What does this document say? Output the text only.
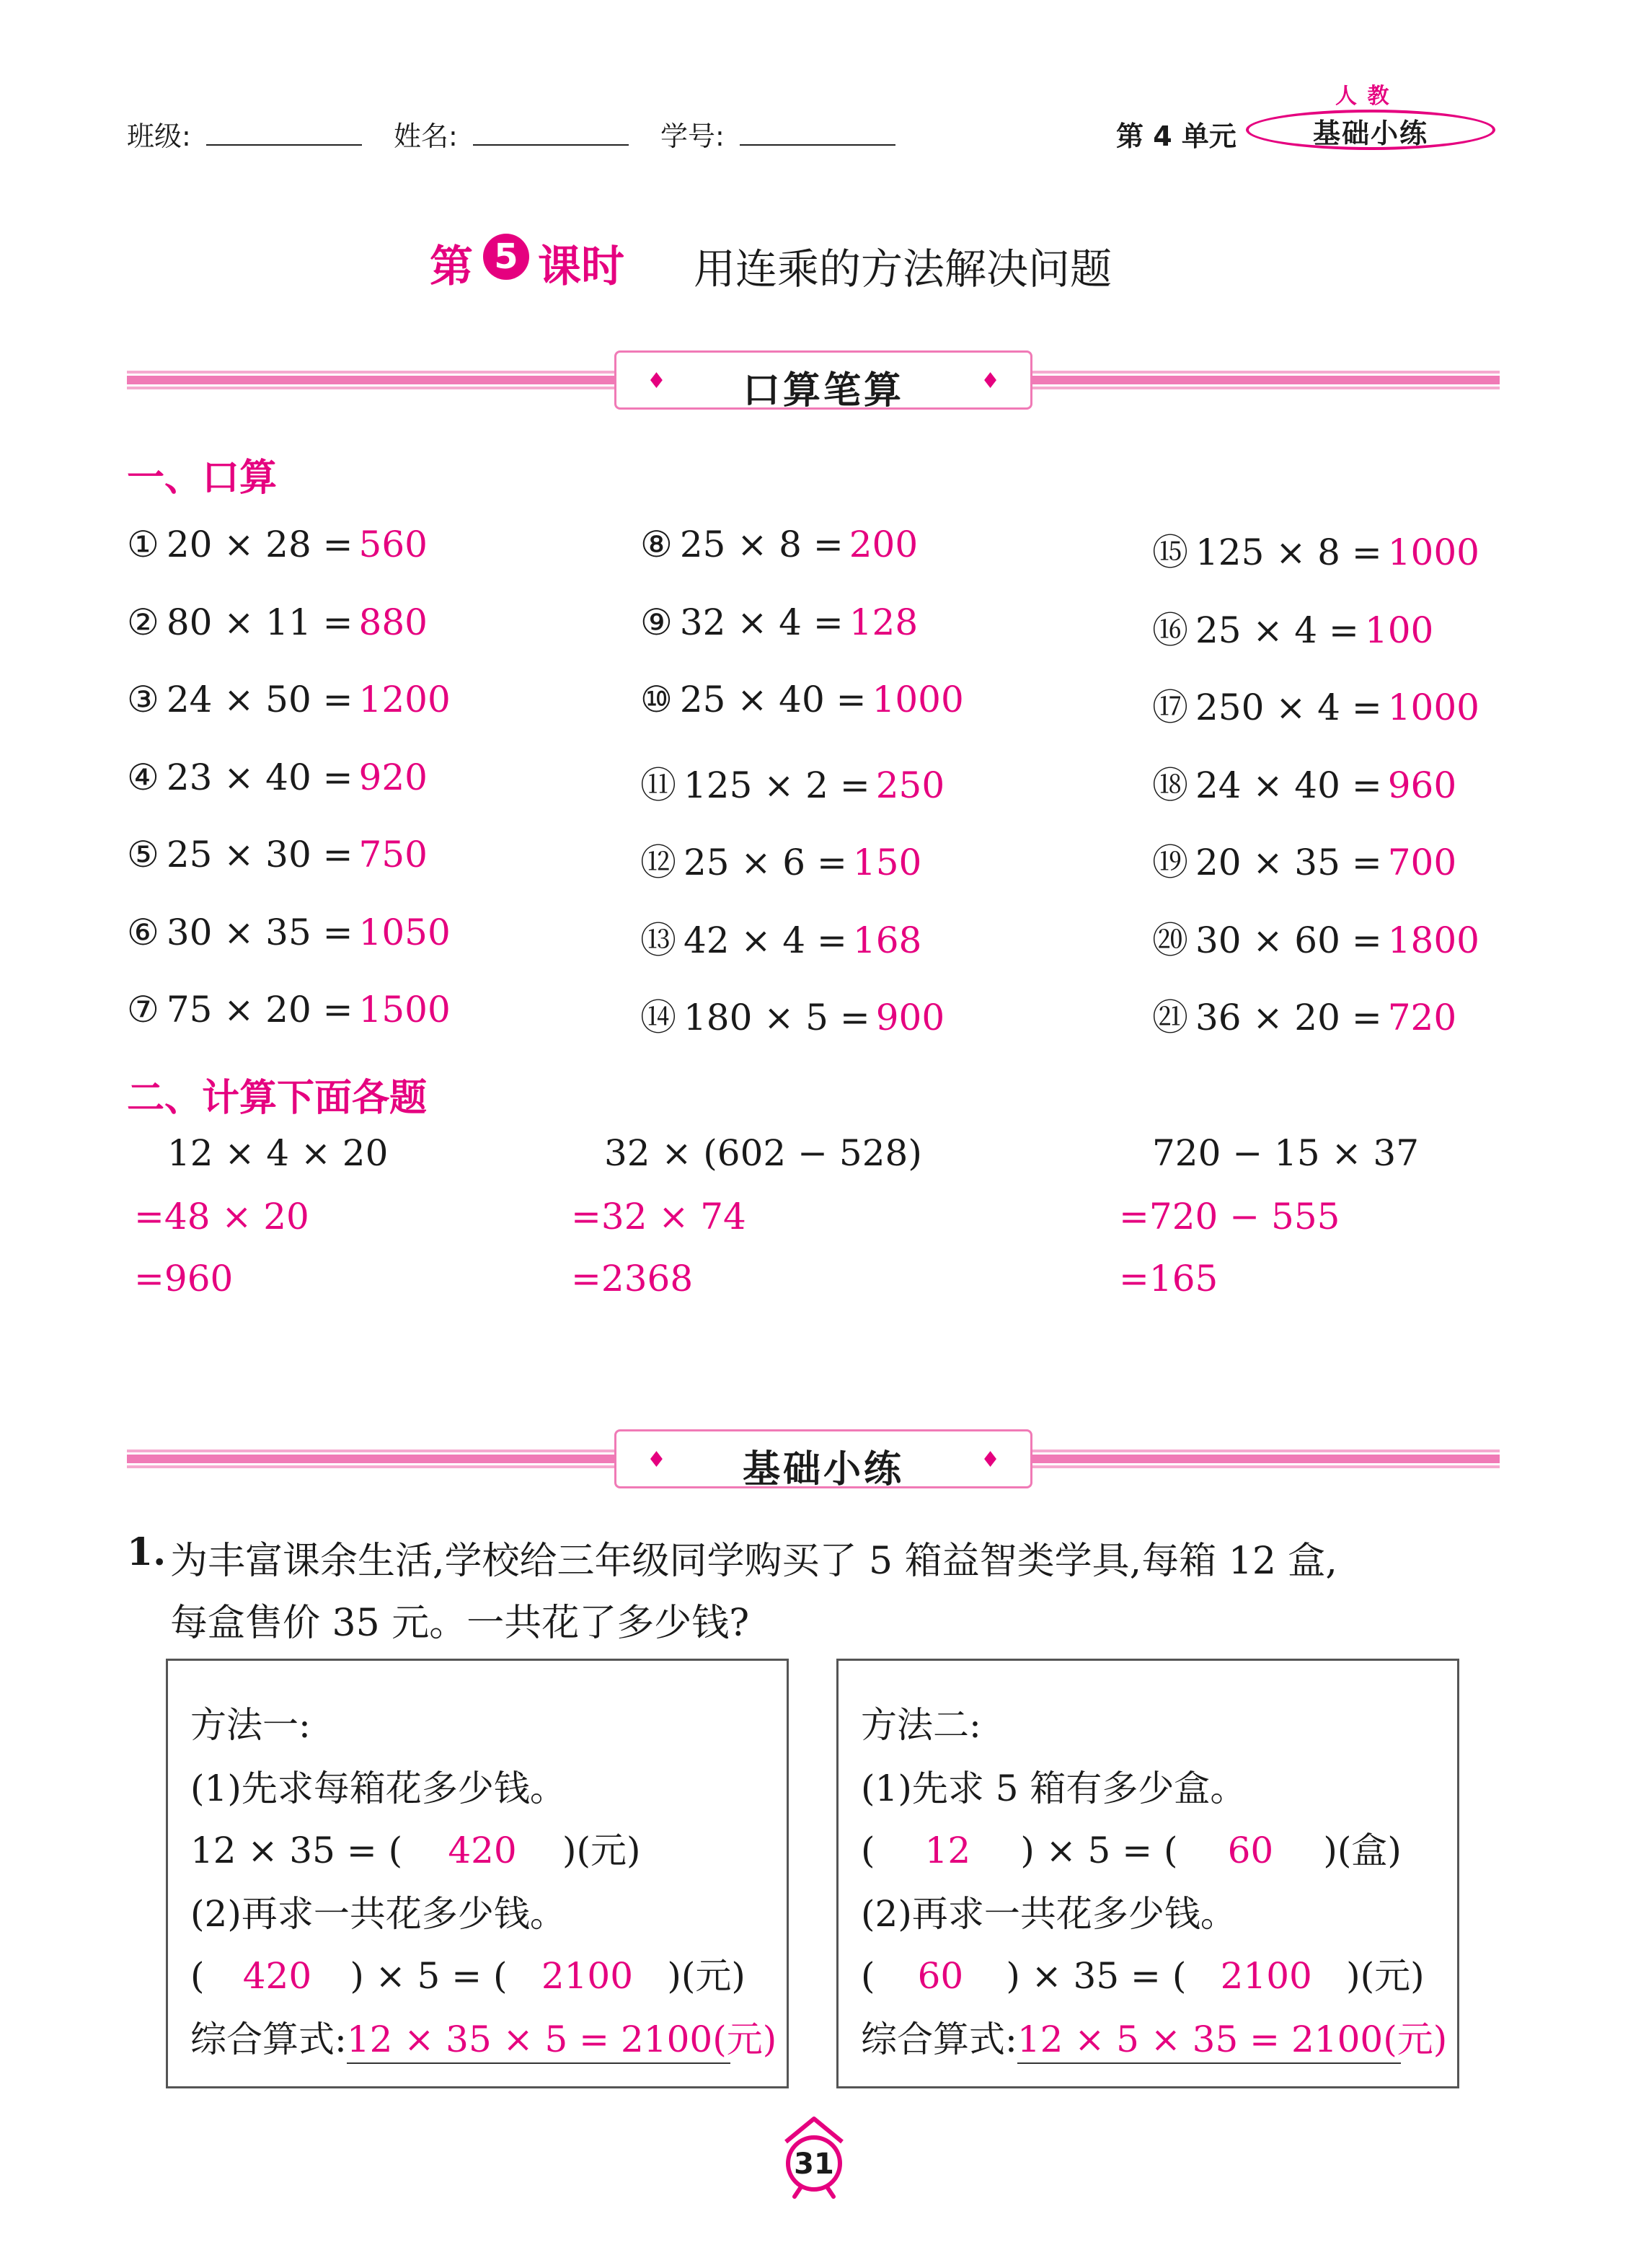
班级:	姓名:	学号:	第 4 单元
人 教
基础小练
第 5 课时 用连乘的方法解决问题
♦	口算笔算	♦
一、口算
① 20 × 28 = 560
② 80 × 11 = 880
③ 24 × 50 = 1200
④ 23 × 40 = 920
⑤ 25 × 30 = 750
⑥ 30 × 35 = 1050
⑦ 75 × 20 = 1500
⑧ 25 × 8 = 200
⑨ 32 × 4 = 128
⑩ 25 × 40 = 1000
⑪ 125 × 2 = 250
⑫ 25 × 6 = 150
⑬ 42 × 4 = 168
⑭ 180 × 5 = 900
⑮ 125 × 8 = 1000
⑯ 25 × 4 = 100
⑰ 250 × 4 = 1000
⑱ 24 × 40 = 960
⑲ 20 × 35 = 700
⑳ 30 × 60 = 1800
㉑ 36 × 20 = 720
二、计算下面各题
12 × 4 × 20
=48 × 20
=960
32 × (602 − 528)
=32 × 74
=2368
720 − 15 × 37
=720 − 555
=165
♦	基础小练	♦
1. 为丰富课余生活,学校给三年级同学购买了 5 箱益智类学具,每箱 12 盒,
每盒售价 35 元。一共花了多少钱?
方法一:
(1)先求每箱花多少钱。
12 × 35 = ( 420 )(元)
(2)再求一共花多少钱。
( 420 ) × 5 = ( 2100 )(元)
综合算式:12 × 35 × 5 = 2100(元)
方法二:
(1)先求 5 箱有多少盒。
( 12 ) × 5 = ( 60 )(盒)
(2)再求一共花多少钱。
( 60 ) × 35 = ( 2100 )(元)
综合算式:12 × 5 × 35 = 2100(元)
31
